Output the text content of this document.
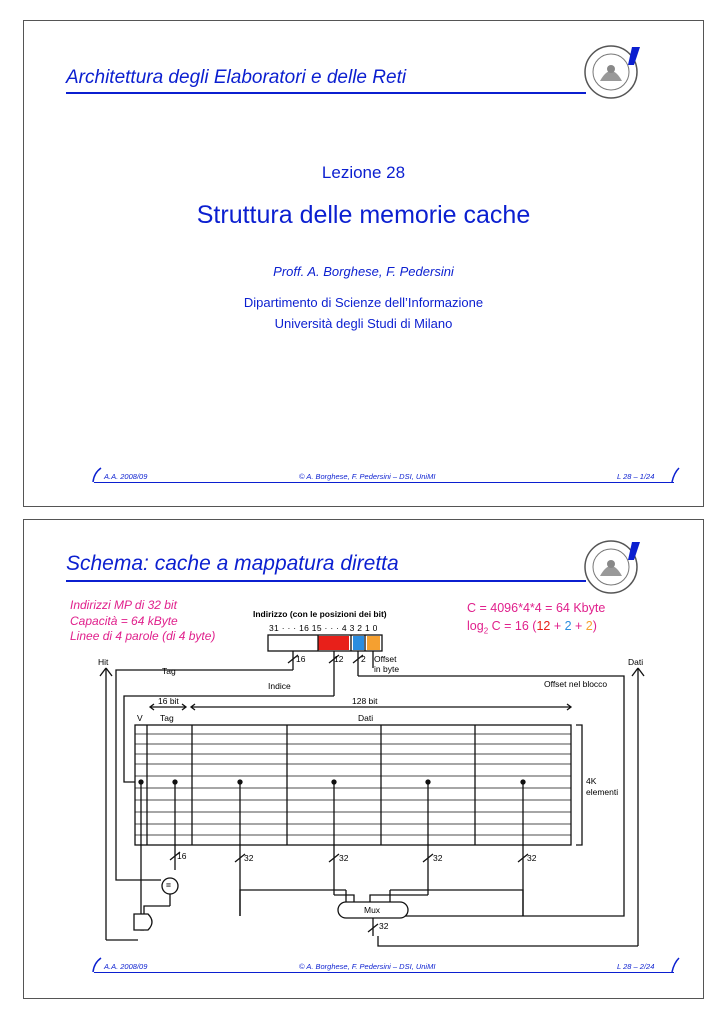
Architettura degli Elaboratori e delle Reti
Lezione 28
Struttura delle memorie cache
Proff. A. Borghese, F. Pedersini
Dipartimento di Scienze dell’Informazione
Università degli Studi di Milano
A.A. 2008/09	© A. Borghese, F. Pedersini – DSI, UniMI	L 28 – 1/24
Schema: cache a mappatura diretta
Indirizzi MP di 32 bit
Capacità = 64 kByte
Linee di 4 parole (di 4 byte)
C = 4096*4*4 = 64 Kbyte
$\log_2 C = 16$ (12 + 2 + 2)
Indirizzo (con le posizioni dei bit)
31 · · · 16 15 · · · 4 3 2 1 0
16	12 2 Offset
in byte
Hit	Dati
Tag
Indice	Offset nel blocco
16 bit	128 bit
V Tag	Dati
4K
elementi
16	32	32	32	32
=
Mux
32
A.A. 2008/09	© A. Borghese, F. Pedersini – DSI, UniMI	L 28 – 2/24
